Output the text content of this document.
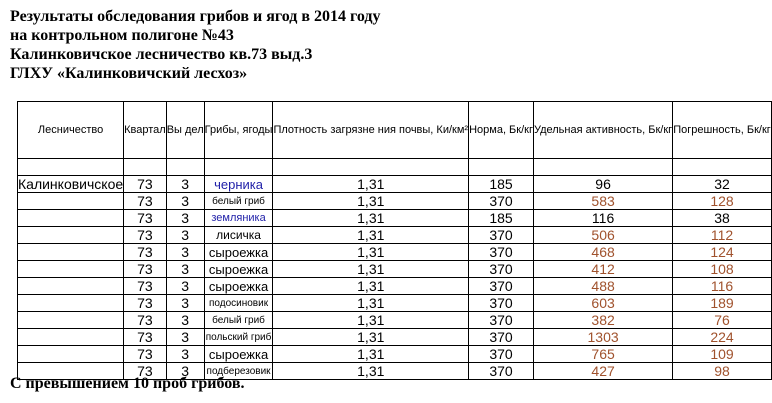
Результаты обследования грибов и ягод в 2014 году
на контрольном полигоне №43
Калинковичское лесничество кв.73 выд.3
ГЛХУ «Калинковичский лесхоз»
Лесничество	Квартал	Вы дел	Грибы, ягоды	Плотность загрязне ния почвы, Ки/км²	Норма, Бк/кг	Удельная активность, Бк/кг	Погрешность, Бк/кг

Калинковичское	73	3	черника	1,31	185	96	32
	73	3	белый гриб	1,31	370	583	128
	73	3	земляника	1,31	185	116	38
	73	3	лисичка	1,31	370	506	112
	73	3	сыроежка	1,31	370	468	124
	73	3	сыроежка	1,31	370	412	108
	73	3	сыроежка	1,31	370	488	116
	73	3	подосиновик	1,31	370	603	189
	73	3	белый гриб	1,31	370	382	76
	73	3	польский гриб	1,31	370	1303	224
	73	3	сыроежка	1,31	370	765	109
	73	3	подберезовик	1,31	370	427	98
С превышением 10 проб грибов.
